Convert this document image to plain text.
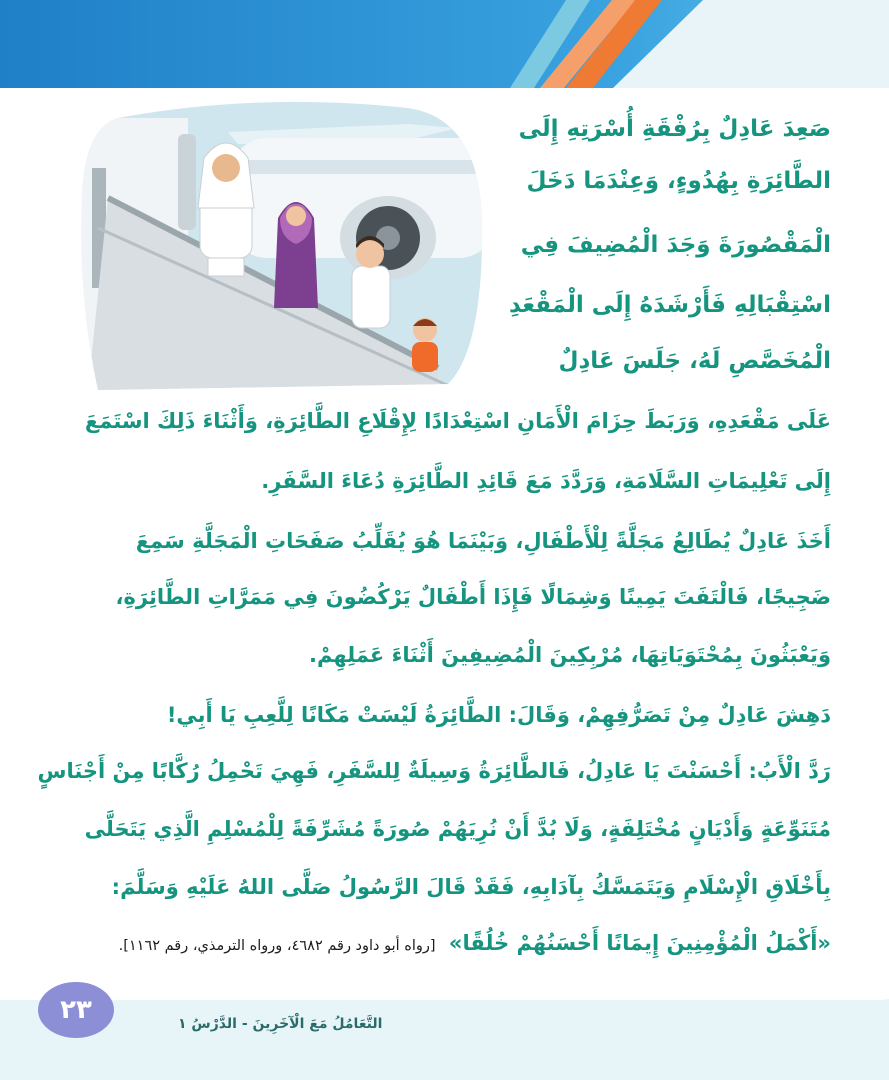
صَعِدَ عَادِلٌ بِرُفْقَةِ أُسْرَتِهِ إِلَى

الطَّائِرَةِ بِهُدُوءٍ، وَعِنْدَمَا دَخَلَ

الْمَقْصُورَةَ وَجَدَ الْمُضِيفَ فِي

اسْتِقْبَالِهِ فَأَرْشَدَهُ إِلَى الْمَقْعَدِ

الْمُخَصَّصِ لَهُ، جَلَسَ عَادِلٌ

عَلَى مَقْعَدِهِ، وَرَبَطَ حِزَامَ الْأَمَانِ اسْتِعْدَادًا لِإِقْلَاعِ الطَّائِرَةِ، وَأَثْنَاءَ ذَلِكَ اسْتَمَعَ

إِلَى تَعْلِيمَاتِ السَّلَامَةِ، وَرَدَّدَ مَعَ قَائِدِ الطَّائِرَةِ دُعَاءَ السَّفَرِ.

أَخَذَ عَادِلٌ يُطَالِعُ مَجَلَّةً لِلْأَطْفَالِ، وَبَيْنَمَا هُوَ يُقَلِّبُ صَفَحَاتِ الْمَجَلَّةِ سَمِعَ

ضَجِيجًا، فَالْتَفَتَ يَمِينًا وَشِمَالًا فَإِذَا أَطْفَالٌ يَرْكُضُونَ فِي مَمَرَّاتِ الطَّائِرَةِ،

وَيَعْبَثُونَ بِمُحْتَوَيَاتِهَا، مُرْبِكِينَ الْمُضِيفِينَ أَثْنَاءَ عَمَلِهِمْ.

دَهِشَ عَادِلٌ مِنْ تَصَرُّفِهِمْ، وَقَالَ: الطَّائِرَةُ لَيْسَتْ مَكَانًا لِلَّعِبِ يَا أَبِي!

رَدَّ الْأَبُ: أَحْسَنْتَ يَا عَادِلُ، فَالطَّائِرَةُ وَسِيلَةٌ لِلسَّفَرِ، فَهِيَ تَحْمِلُ رُكَّابًا مِنْ أَجْنَاسٍ

مُتَنَوِّعَةٍ وَأَدْيَانٍ مُخْتَلِفَةٍ، وَلَا بُدَّ أَنْ نُرِيَهُمْ صُورَةً مُشَرِّفَةً لِلْمُسْلِمِ الَّذِي يَتَحَلَّى

بِأَخْلَاقِ الْإِسْلَامِ وَيَتَمَسَّكُ بِآدَابِهِ، فَقَدْ قَالَ الرَّسُولُ صَلَّى اللهُ عَلَيْهِ وَسَلَّمَ:

«أَكْمَلُ الْمُؤْمِنِينَ إِيمَانًا أَحْسَنُهُمْ خُلُقًا» [رواه أبو داود رقم ٤٦٨٢، ورواه الترمذي، رقم ١١٦٢].

٢٣	التَّعَامُلُ مَعَ الْآخَرِينَ - الدَّرْسُ ١
